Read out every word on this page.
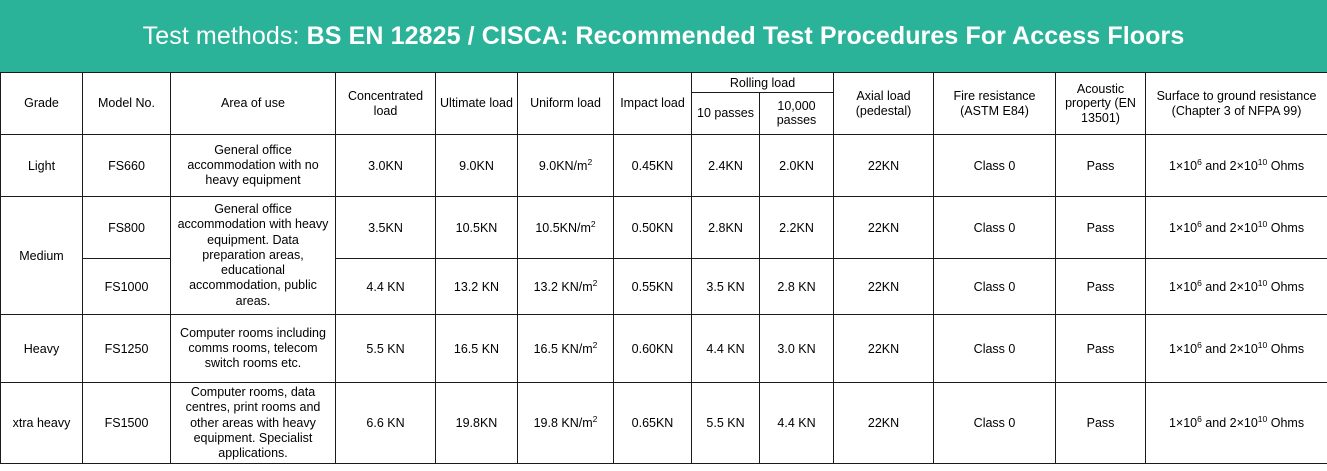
Test methods: BS EN 12825 / CISCA: Recommended Test Procedures For Access Floors
Grade	Model No.	Area of use	Concentrated load	Ultimate load	Uniform load	Impact load	Rolling load		Axial load (pedestal)	Fire resistance (ASTM E84)	Acoustic property (EN 13501)	Surface to ground resistance (Chapter 3 of NFPA 99)
							10 passes	10,000 passes				
Light	FS660	General office accommodation with no heavy equipment	3.0KN	9.0KN	$9.0KN/m^2$	0.45KN	2.4KN	2.0KN	22KN	Class 0	Pass	$1\times 10^6$ and $2\times 10^{10}$ Ohms
Medium	FS800	General office accommodation with heavy equipment. Data preparation areas, educational accommodation, public areas.	3.5KN	10.5KN	$10.5KN/m^2$	0.50KN	2.8KN	2.2KN	22KN	Class 0	Pass	$1\times 10^6$ and $2\times 10^{10}$ Ohms
	FS1000		4.4 KN	13.2 KN	13.2 $KN/m^2$	0.55KN	3.5 KN	2.8 KN	22KN	Class 0	Pass	$1\times 10^6$ and $2\times 10^{10}$ Ohms
Heavy	FS1250	Computer rooms including comms rooms, telecom switch rooms etc.	5.5 KN	16.5 KN	16.5 $KN/m^2$	0.60KN	4.4 KN	3.0 KN	22KN	Class 0	Pass	$1\times 10^6$ and $2\times 10^{10}$ Ohms
xtra heavy	FS1500	Computer rooms, data centres, print rooms and other areas with heavy equipment. Specialist applications.	6.6 KN	19.8KN	19.8 $KN/m^2$	0.65KN	5.5 KN	4.4 KN	22KN	Class 0	Pass	$1\times 10^6$ and $2\times 10^{10}$ Ohms
